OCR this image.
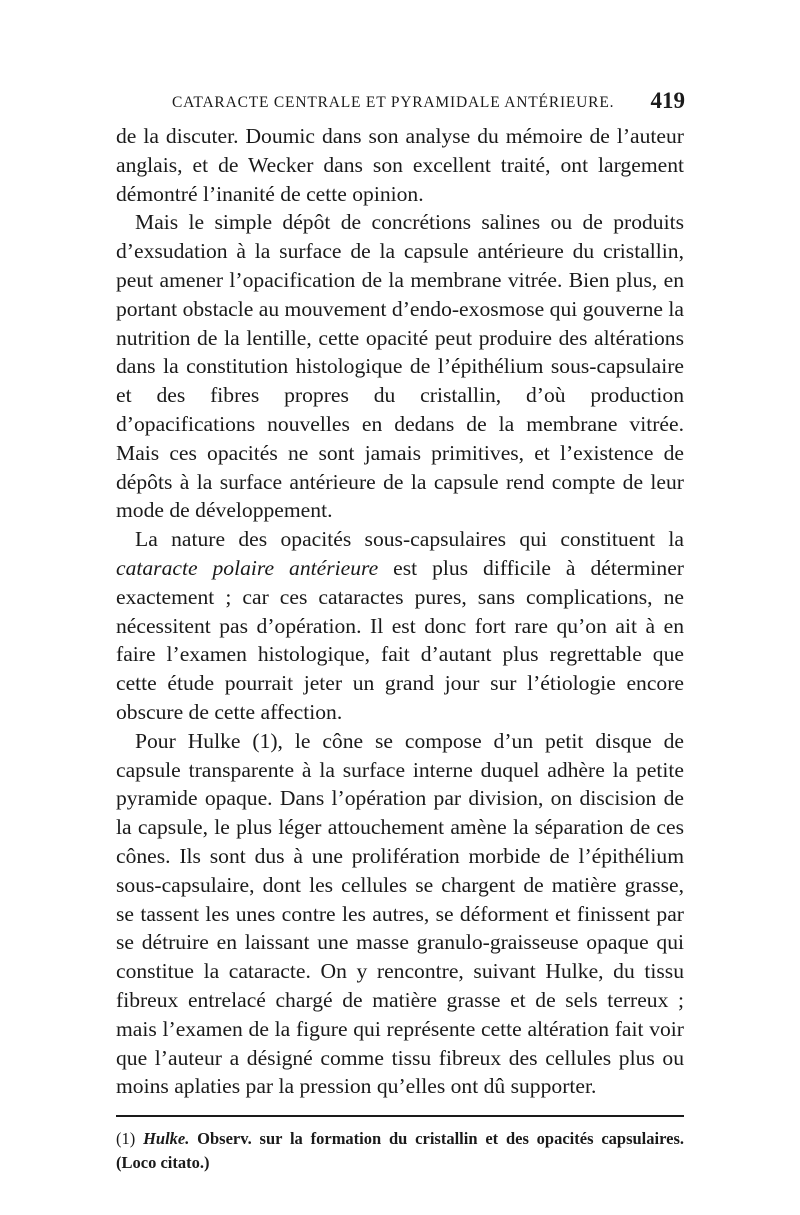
CATARACTE CENTRALE ET PYRAMIDALE ANTÉRIEURE. 419

de la discuter. Doumic dans son analyse du mémoire de l’auteur anglais, et de Wecker dans son excellent traité, ont largement démontré l’inanité de cette opinion.

Mais le simple dépôt de concrétions salines ou de produits d’exsudation à la surface de la capsule antérieure du cristallin, peut amener l’opacification de la membrane vitrée. Bien plus, en portant obstacle au mouvement d’endo-exosmose qui gouverne la nutrition de la lentille, cette opacité peut produire des altérations dans la constitution histologique de l’épithélium sous-capsulaire et des fibres propres du cristallin, d’où production d’opacifications nouvelles en dedans de la membrane vitrée. Mais ces opacités ne sont jamais primitives, et l’existence de dépôts à la surface antérieure de la capsule rend compte de leur mode de développement.

La nature des opacités sous-capsulaires qui constituent la cataracte polaire antérieure est plus difficile à déterminer exactement ; car ces cataractes pures, sans complications, ne nécessitent pas d’opération. Il est donc fort rare qu’on ait à en faire l’examen histologique, fait d’autant plus regrettable que cette étude pourrait jeter un grand jour sur l’étiologie encore obscure de cette affection.

Pour Hulke (1), le cône se compose d’un petit disque de capsule transparente à la surface interne duquel adhère la petite pyramide opaque. Dans l’opération par division, on discision de la capsule, le plus léger attouchement amène la séparation de ces cônes. Ils sont dus à une prolifération morbide de l’épithélium sous-capsulaire, dont les cellules se chargent de matière grasse, se tassent les unes contre les autres, se déforment et finissent par se détruire en laissant une masse granulo-graisseuse opaque qui constitue la cataracte. On y rencontre, suivant Hulke, du tissu fibreux entrelacé chargé de matière grasse et de sels terreux ; mais l’examen de la figure qui représente cette altération fait voir que l’auteur a désigné comme tissu fibreux des cellules plus ou moins aplaties par la pression qu’elles ont dû supporter.

(1) Hulke. Observ. sur la formation du cristallin et des opacités capsulaires. (Loco citato.)
